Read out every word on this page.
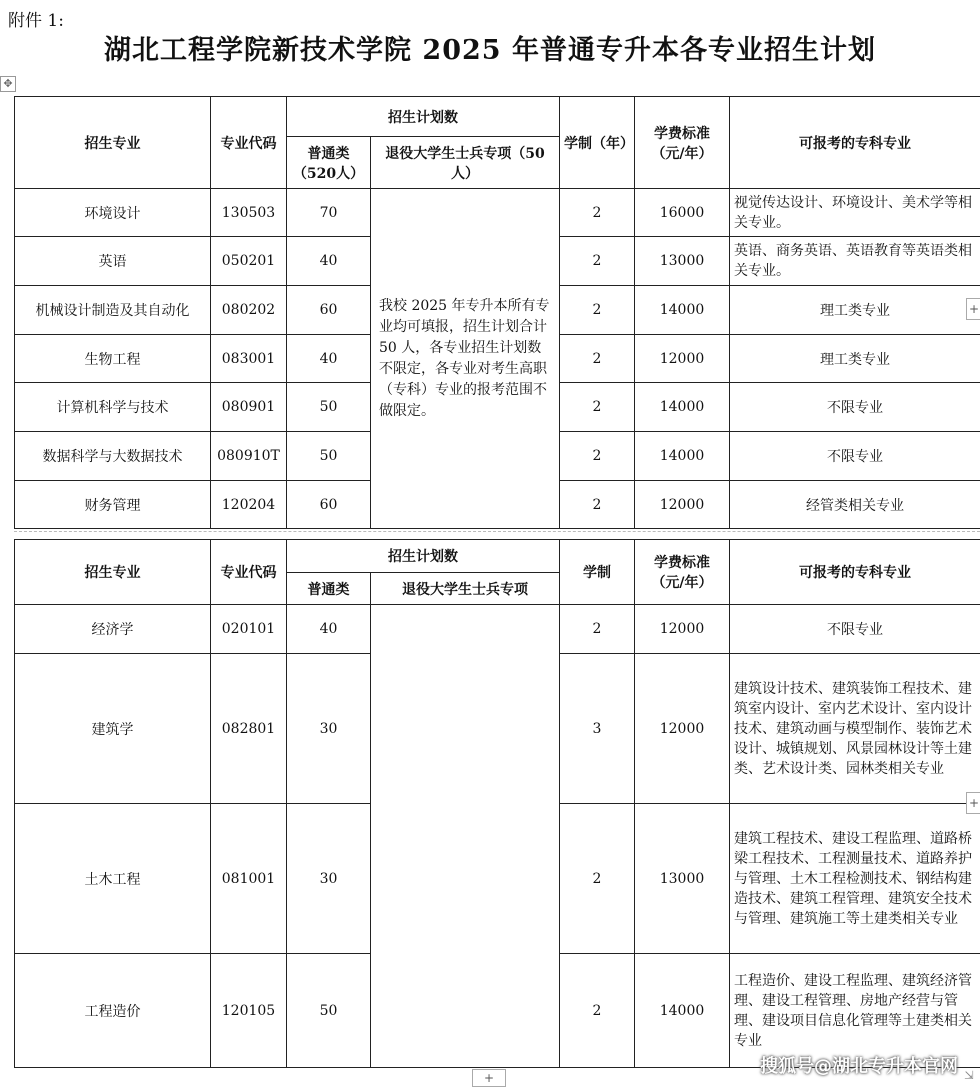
附件 1:
湖北工程学院新技术学院 2025 年普通专升本各专业招生计划
✥
招生专业	专业代码	招生计划数		学制（年）	学费标准（元/年）	可报考的专科专业
		普通类（520人）	退役大学生士兵专项（50人）			
环境设计	130503	70	我校 2025 年专升本所有专业均可填报，招生计划合计 50 人，各专业招生计划数不限定，各专业对考生高职（专科）专业的报考范围不做限定。	2	16000	视觉传达设计、环境设计、美术学等相关专业。
英语	050201	40		2	13000	英语、商务英语、英语教育等英语类相关专业。
机械设计制造及其自动化	080202	60		2	14000	理工类专业
生物工程	083001	40		2	12000	理工类专业
计算机科学与技术	080901	50		2	14000	不限专业
数据科学与大数据技术	080910T	50		2	14000	不限专业
财务管理	120204	60		2	12000	经管类相关专业
招生专业	专业代码	招生计划数		学制	学费标准（元/年）	可报考的专科专业
		普通类	退役大学生士兵专项			
经济学	020101	40		2	12000	不限专业
建筑学	082801	30		3	12000	建筑设计技术、建筑装饰工程技术、建筑室内设计、室内艺术设计、室内设计技术、建筑动画与模型制作、装饰艺术设计、城镇规划、风景园林设计等土建类、艺术设计类、园林类相关专业
土木工程	081001	30		2	13000	建筑工程技术、建设工程监理、道路桥梁工程技术、工程测量技术、道路养护与管理、土木工程检测技术、钢结构建造技术、建筑工程管理、建筑安全技术与管理、建筑施工等土建类相关专业
工程造价	120105	50		2	14000	工程造价、建设工程监理、建筑经济管理、建设工程管理、房地产经营与管理、建设项目信息化管理等土建类相关专业
+
+
+	⇲
搜狐号@湖北专升本官网
